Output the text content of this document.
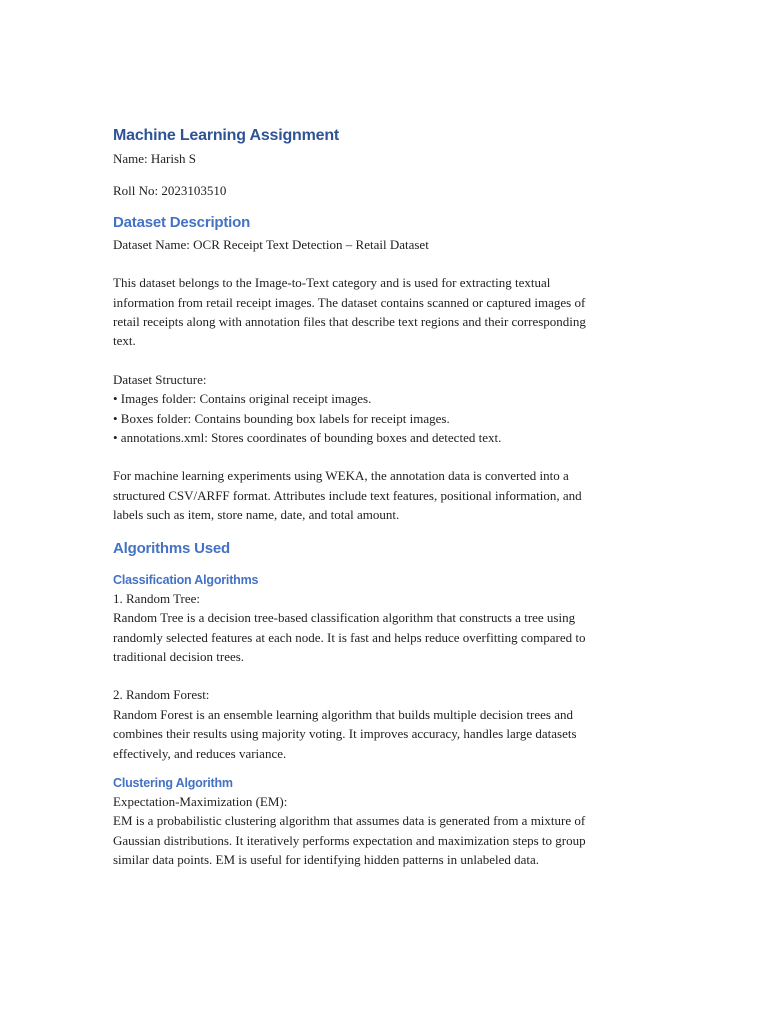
Machine Learning Assignment

Name: Harish S

Roll No: 2023103510

Dataset Description

Dataset Name: OCR Receipt Text Detection – Retail Dataset

This dataset belongs to the Image-to-Text category and is used for extracting textual
information from retail receipt images. The dataset contains scanned or captured images of
retail receipts along with annotation files that describe text regions and their corresponding
text.

Dataset Structure:

• Images folder: Contains original receipt images.
• Boxes folder: Contains bounding box labels for receipt images.
• annotations.xml: Stores coordinates of bounding boxes and detected text.

For machine learning experiments using WEKA, the annotation data is converted into a
structured CSV/ARFF format. Attributes include text features, positional information, and
labels such as item, store name, date, and total amount.

Algorithms Used
Classification Algorithms

1. Random Tree:

Random Tree is a decision tree-based classification algorithm that constructs a tree using
randomly selected features at each node. It is fast and helps reduce overfitting compared to
traditional decision trees.

2. Random Forest:

Random Forest is an ensemble learning algorithm that builds multiple decision trees and
combines their results using majority voting. It improves accuracy, handles large datasets
effectively, and reduces variance.

Clustering Algorithm

Expectation-Maximization (EM):

EM is a probabilistic clustering algorithm that assumes data is generated from a mixture of
Gaussian distributions. It iteratively performs expectation and maximization steps to group
similar data points. EM is useful for identifying hidden patterns in unlabeled data.
